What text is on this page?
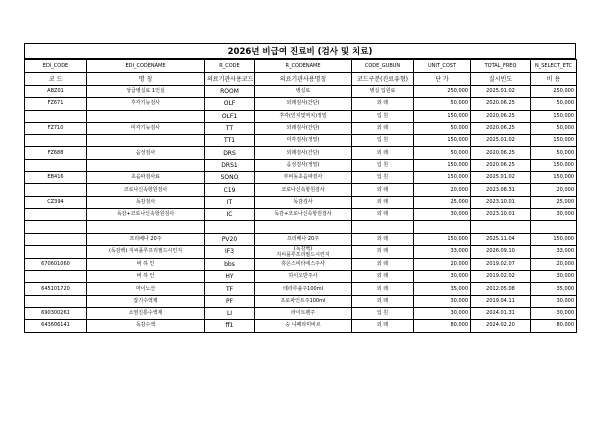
2026년 비급여 진료비 (검사 및 치료)
EDI_CODE	EDI_CODENAME	R_CODE	R_CODENAME	CODE_GUBUN	UNIT_COST	TOTAL_FREQ	N_SELECT_ETC
코 드	명 칭	의료기관사용코드	의료기관사용명칭	코드구분(진료유형)	단 가	실시빈도	비 용
ABZ01	상급병실료 1인실	ROOM	병실료	병실 입원료	250,000	2025.01.02	250,000
FZ671	후각기능검사	OLF	외래검사(간단)	외 래	50,000	2020.06.25	50,000
		OLF1	후각(인지및역치)정밀	입 원	150,000	2020.06.25	150,000
FZ710	미각기능검사	TT	외래검사(간단)	외 래	50,000	2020.06.25	50,000
		TT1	미각검사(정밀)	입 원	150,000	2025.01.02	150,000
FZ688	음성검사	DRS	외래검사(간단)	외 래	50,000	2020.06.25	50,000
		DRS1	음성검사(정밀)	입 원	150,000	2020.06.25	150,000
EB416	초음파검사료	SONO	부비동초음파검사	입 원	150,000	2025.01.02	150,000
	코로나신속항원검사	C19	코로나신속항원검사	외 래	20,000	2023.08.31	20,000
CZ394	독감검사	IT	독감검사	외 래	25,000	2023.10.01	25,000
	독감+코로나신속항원검사	IC	독감+코로나신속항원검사	외 래	30,000	2023.10.01	30,000

	프리베나 20주	PV20	프리베나 20주	외 래	150,000	2025.11.04	150,000
	(독감백) 지씨플루프리필드시린지	IF3	(독감백)
지씨플루프리필드시린지	외 래	33,000	2026.09.10	33,000
670601060	버 하 인	bbs	휴온스비타에스주사	외 래	20,000	2019.02.07	20,000
	버 하 인	HY	하이오반주사	외 래	30,000	2019.02.02	30,000
645101720	마이노산	TF	테라루솔주100ml	외 래	35,000	2012.05.08	35,000
	잡기수액제	PF	프로파인트주100ml	외 래	30,000	2019.04.11	30,000
690300261	소염진통수액제	LI	라이트펜주	입 원	30,000	2024.01.31	30,000
643606141	독감수액	ff1	승 니페라미비르	외 래	80,000	2024.02.20	80,000
